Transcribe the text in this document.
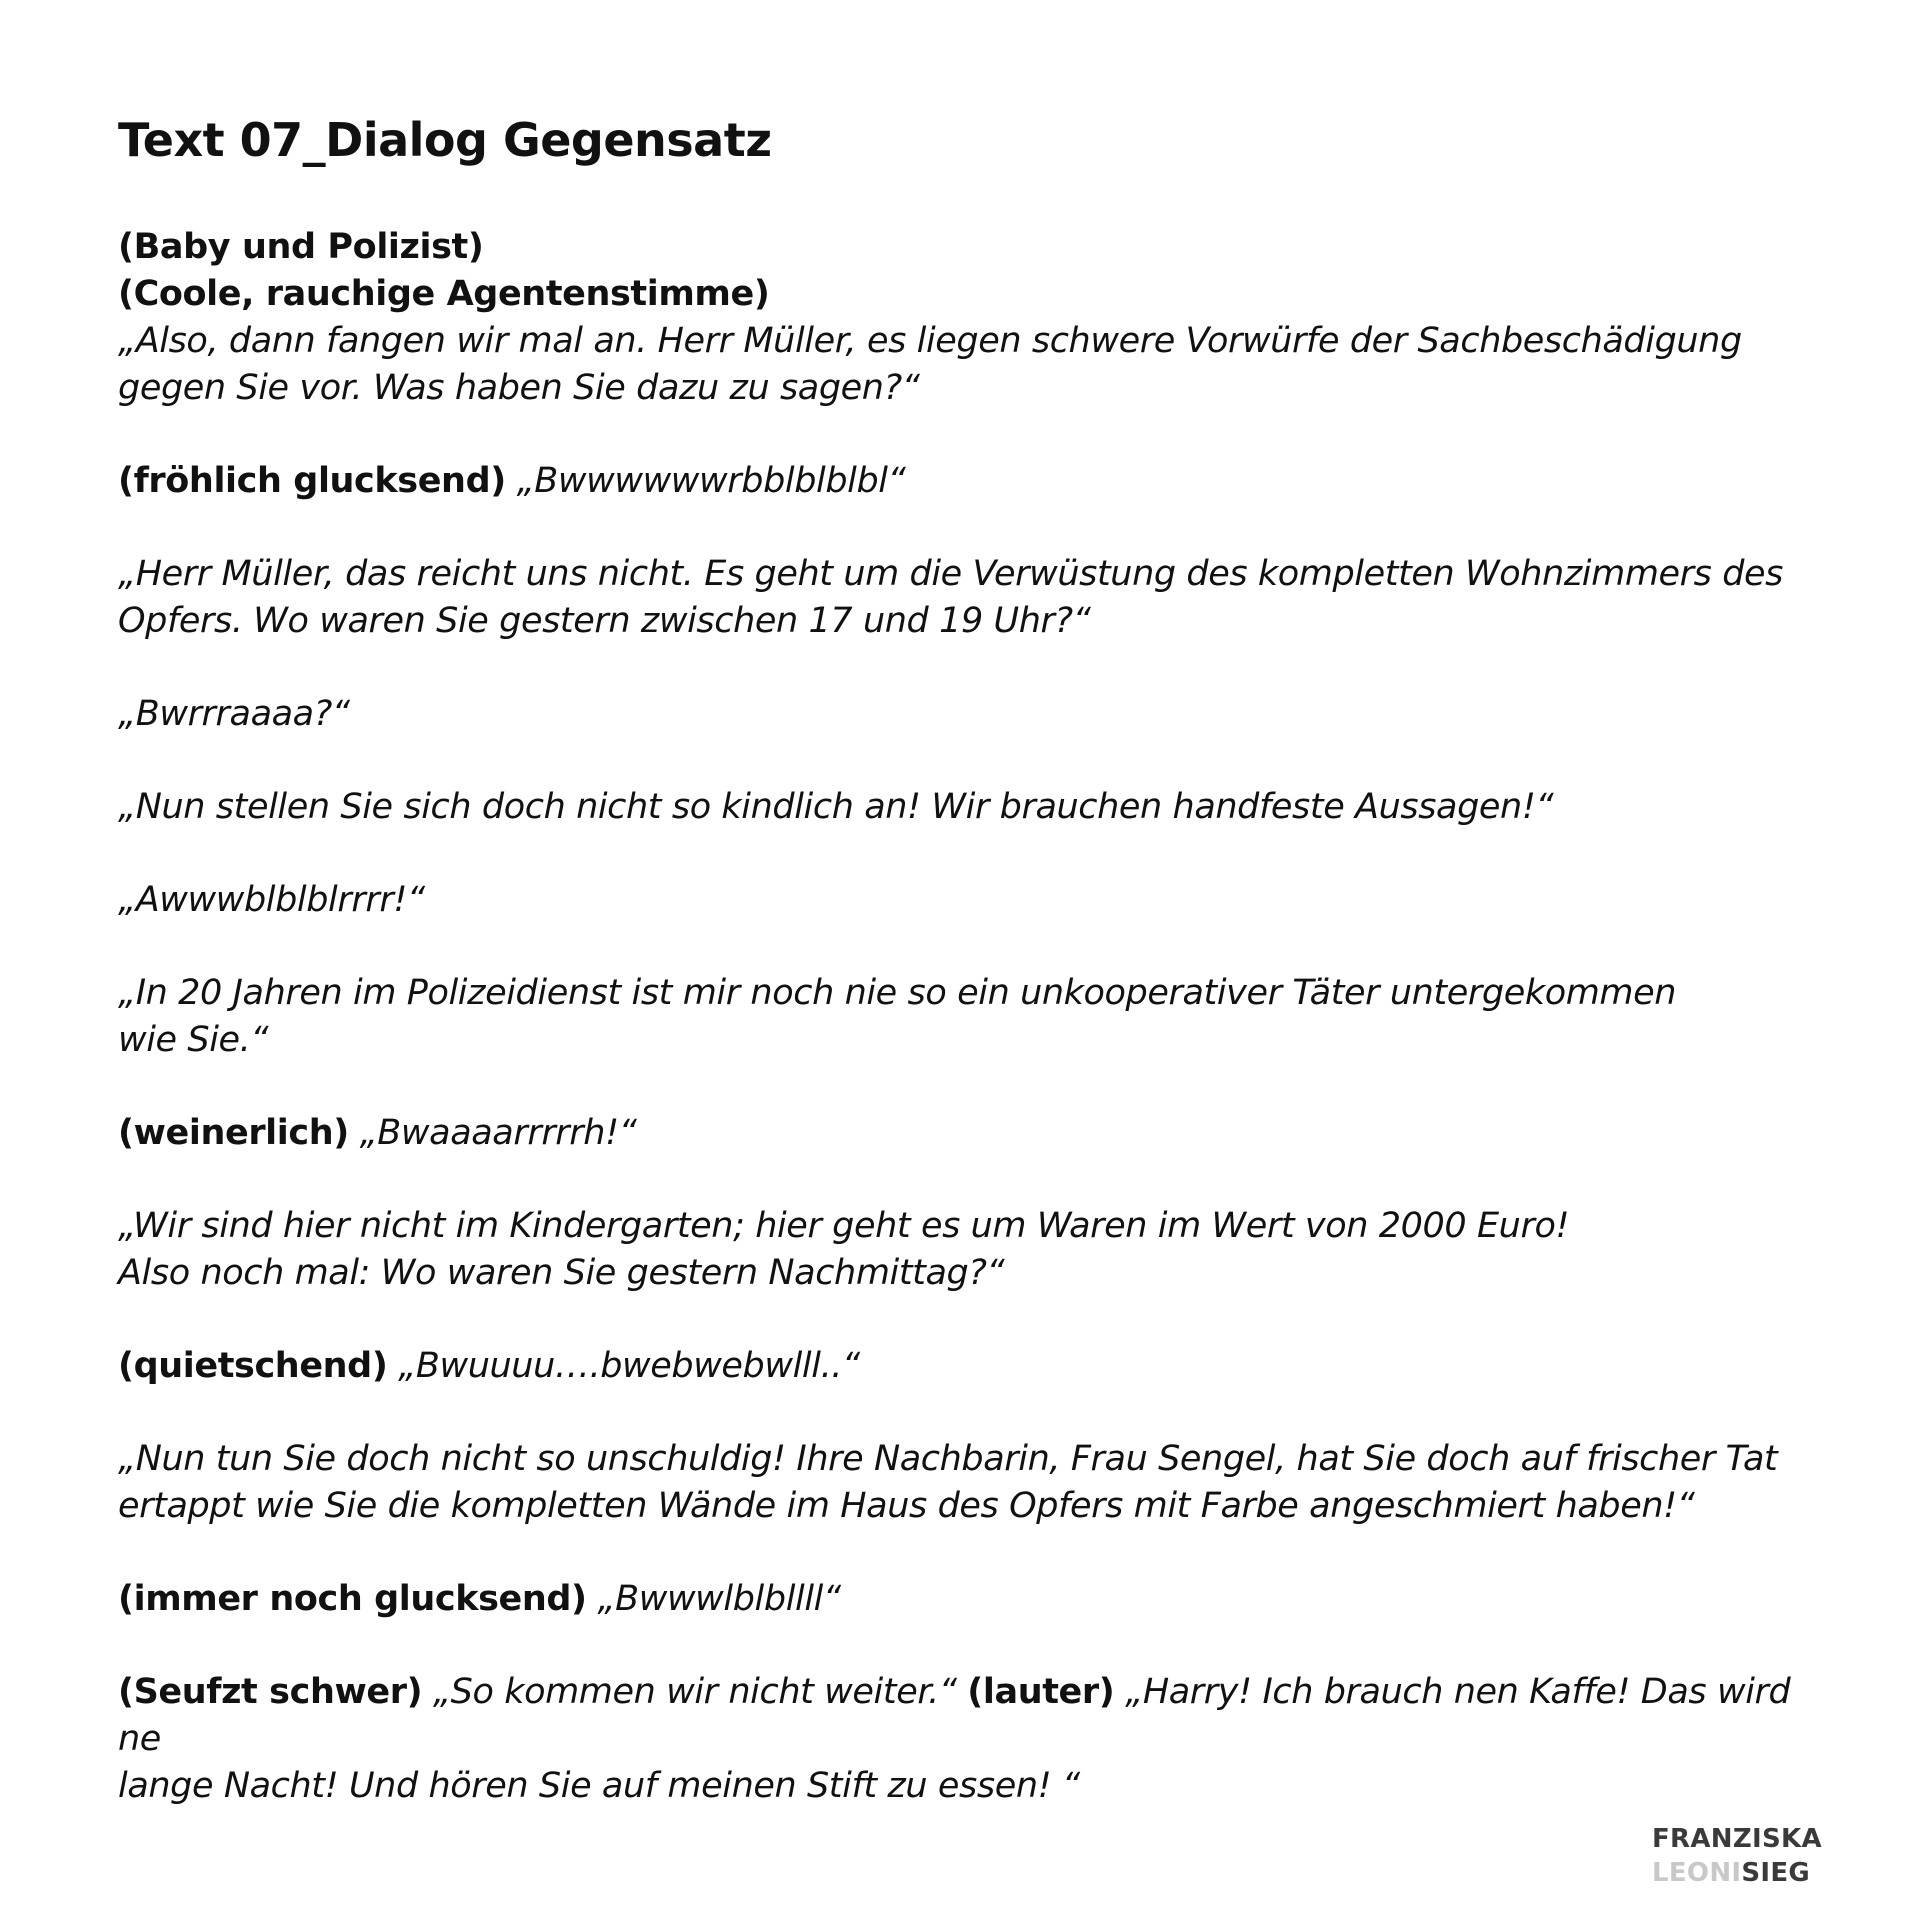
Text 07_Dialog Gegensatz
(Baby und Polizist)
(Coole, rauchige Agentenstimme)
„Also, dann fangen wir mal an. Herr Müller, es liegen schwere Vorwürfe der Sachbeschädigung
gegen Sie vor. Was haben Sie dazu zu sagen?“
(fröhlich glucksend) „Bwwwwwwrbblblblbl“
„Herr Müller, das reicht uns nicht. Es geht um die Verwüstung des kompletten Wohnzimmers des
Opfers. Wo waren Sie gestern zwischen 17 und 19 Uhr?“
„Bwrrraaaa?“
„Nun stellen Sie sich doch nicht so kindlich an! Wir brauchen handfeste Aussagen!“
„Awwwblblblrrrr!“
„In 20 Jahren im Polizeidienst ist mir noch nie so ein unkooperativer Täter untergekommen
wie Sie.“
(weinerlich) „Bwaaaarrrrrh!“
„Wir sind hier nicht im Kindergarten; hier geht es um Waren im Wert von 2000 Euro!
Also noch mal: Wo waren Sie gestern Nachmittag?“
(quietschend) „Bwuuuu….bwebwebwlll..“
„Nun tun Sie doch nicht so unschuldig! Ihre Nachbarin, Frau Sengel, hat Sie doch auf frischer Tat
ertappt wie Sie die kompletten Wände im Haus des Opfers mit Farbe angeschmiert haben!“
(immer noch glucksend) „Bwwwlblbllll“
(Seufzt schwer) „So kommen wir nicht weiter.“ (lauter) „Harry! Ich brauch nen Kaffe! Das wird ne
lange Nacht! Und hören Sie auf meinen Stift zu essen! “
FRANZISKA
LEONISIEG
